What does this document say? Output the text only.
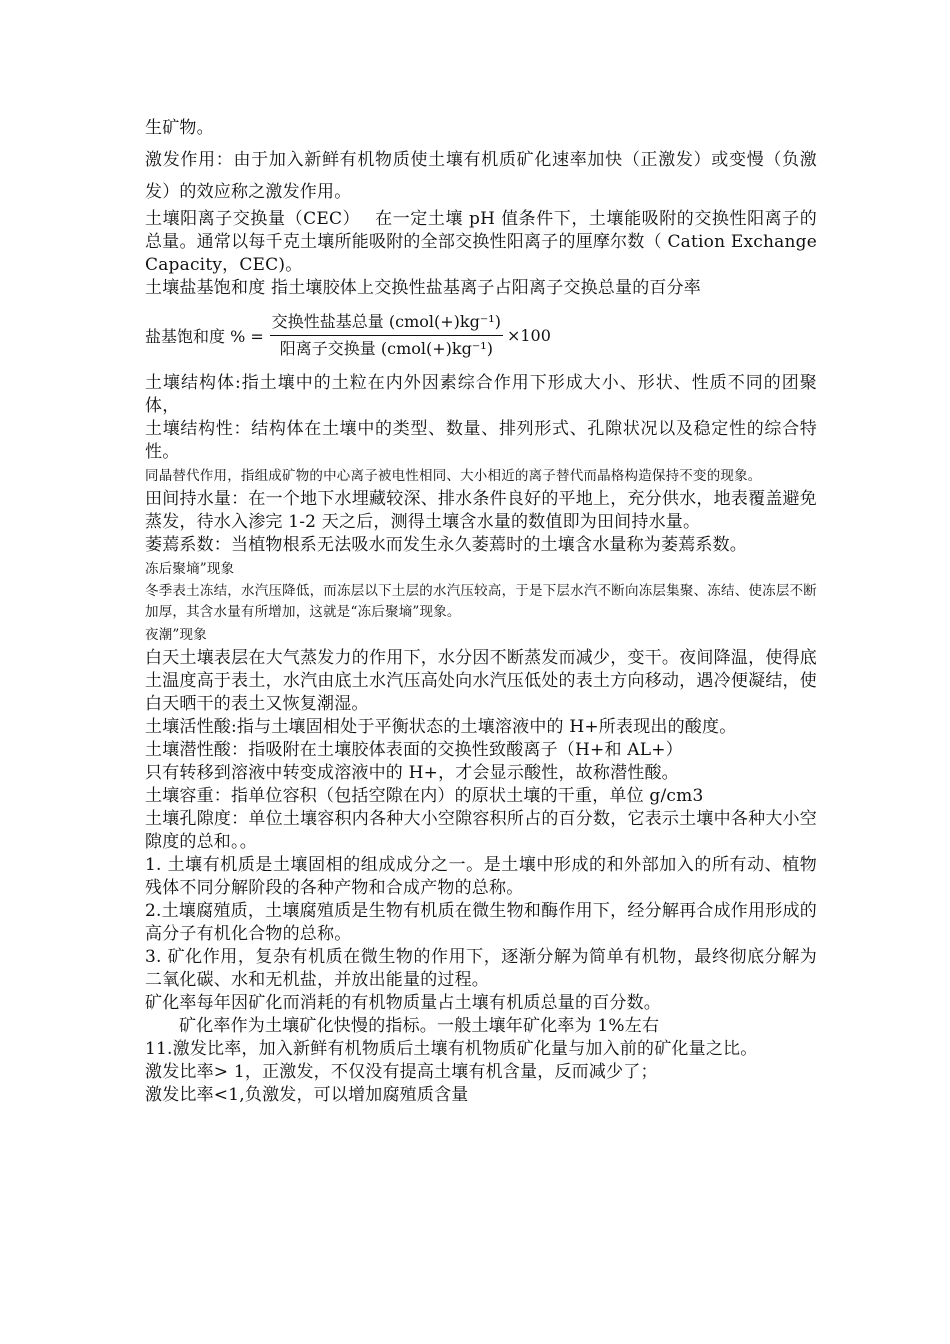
生矿物。

激发作用：由于加入新鲜有机物质使土壤有机质矿化速率加快（正激发）或变慢（负激发）的效应称之激发作用。

土壤阳离子交换量（CEC）　 在一定土壤 pH 值条件下，土壤能吸附的交换性阳离子的总量。通常以每千克土壤所能吸附的全部交换性阳离子的厘摩尔数（ Cation Exchange Capacity，CEC)。

土壤盐基饱和度 指土壤胶体上交换性盐基离子占阳离子交换总量的百分率

盐基饱和度 % = $\frac{\text{交换性盐基总量 (cmol(+)kg⁻¹)}}{\text{阳离子交换量 (cmol(+)kg⁻¹)}} \times 100$

土壤结构体:指土壤中的土粒在内外因素综合作用下形成大小、形状、性质不同的团聚体，

土壤结构性：结构体在土壤中的类型、数量、排列形式、孔隙状况以及稳定性的综合特性。

同晶替代作用，指组成矿物的中心离子被电性相同、大小相近的离子替代而晶格构造保持不变的现象。

田间持水量：在一个地下水埋藏较深、排水条件良好的平地上，充分供水，地表覆盖避免蒸发，待水入渗完 1-2 天之后，测得土壤含水量的数值即为田间持水量。

萎蔫系数：当植物根系无法吸水而发生永久萎蔫时的土壤含水量称为萎蔫系数。

冻后聚墒”现象

冬季表土冻结，水汽压降低，而冻层以下土层的水汽压较高，于是下层水汽不断向冻层集聚、冻结、使冻层不断加厚，其含水量有所增加，这就是“冻后聚墒”现象。

夜潮”现象

白天土壤表层在大气蒸发力的作用下，水分因不断蒸发而减少，变干。夜间降温，使得底土温度高于表土，水汽由底土水汽压高处向水汽压低处的表土方向移动，遇冷便凝结，使白天晒干的表土又恢复潮湿。

土壤活性酸:指与土壤固相处于平衡状态的土壤溶液中的 H+所表现出的酸度。

土壤潜性酸：指吸附在土壤胶体表面的交换性致酸离子（H+和 AL+）

只有转移到溶液中转变成溶液中的 H+，才会显示酸性，故称潜性酸。

土壤容重：指单位容积（包括空隙在内）的原状土壤的干重，单位 g/cm3

土壤孔隙度：单位土壤容积内各种大小空隙容积所占的百分数，它表示土壤中各种大小空隙度的总和。。

1. 土壤有机质是土壤固相的组成成分之一。是土壤中形成的和外部加入的所有动、植物残体不同分解阶段的各种产物和合成产物的总称。

2.土壤腐殖质，土壤腐殖质是生物有机质在微生物和酶作用下，经分解再合成作用形成的高分子有机化合物的总称。

3. 矿化作用，复杂有机质在微生物的作用下，逐渐分解为简单有机物，最终彻底分解为二氧化碳、水和无机盐，并放出能量的过程。

矿化率每年因矿化而消耗的有机物质量占土壤有机质总量的百分数。

矿化率作为土壤矿化快慢的指标。一般土壤年矿化率为 1%左右

11.激发比率，加入新鲜有机物质后土壤有机物质矿化量与加入前的矿化量之比。

激发比率> 1，正激发，不仅没有提高土壤有机含量，反而减少了；

激发比率<1,负激发，可以增加腐殖质含量
